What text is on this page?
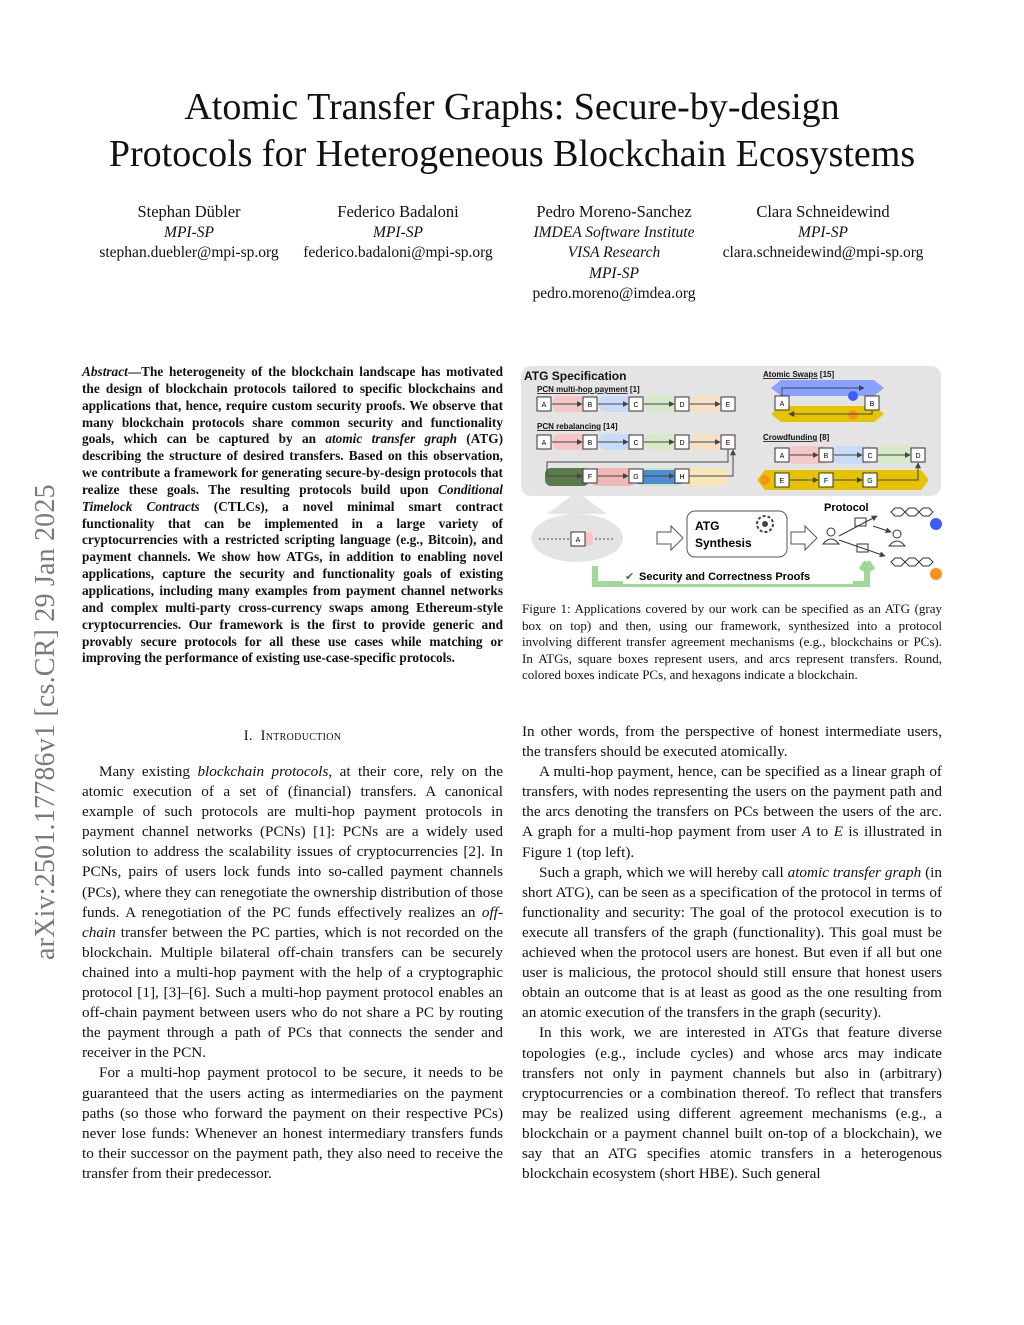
arXiv:2501.17786v1 [cs.CR] 29 Jan 2025
Atomic Transfer Graphs: Secure-by-design
Protocols for Heterogeneous Blockchain Ecosystems
Stephan Dübler
MPI-SP
stephan.duebler@mpi-sp.org
Federico Badaloni
MPI-SP
federico.badaloni@mpi-sp.org
Pedro Moreno-Sanchez
IMDEA Software Institute
VISA Research
MPI-SP
pedro.moreno@imdea.org
Clara Schneidewind
MPI-SP
clara.schneidewind@mpi-sp.org
Abstract—The heterogeneity of the blockchain landscape has motivated the design of blockchain protocols tailored to specific blockchains and applications that, hence, require custom security proofs. We observe that many blockchain protocols share common security and functionality goals, which can be captured by an atomic transfer graph (ATG) describing the structure of desired transfers. Based on this observation, we contribute a framework for generating secure-by-design protocols that realize these goals. The resulting protocols build upon Conditional Timelock Contracts (CTLCs), a novel minimal smart contract functionality that can be implemented in a large variety of cryptocurrencies with a restricted scripting language (e.g., Bitcoin), and payment channels. We show how ATGs, in addition to enabling novel applications, capture the security and functionality goals of existing applications, including many examples from payment channel networks and complex multi-party cross-currency swaps among Ethereum-style cryptocurrencies. Our framework is the first to provide generic and provably secure protocols for all these use cases while matching or improving the performance of existing use-case-specific protocols.
I. Introduction

Many existing blockchain protocols, at their core, rely on the atomic execution of a set of (financial) transfers. A canonical example of such protocols are multi-hop payment protocols in payment channel networks (PCNs) [1]: PCNs are a widely used solution to address the scalability issues of cryptocurrencies [2]. In PCNs, pairs of users lock funds into so-called payment channels (PCs), where they can renegotiate the ownership distribution of those funds. A renegotiation of the PC funds effectively realizes an off-chain transfer between the PC parties, which is not recorded on the blockchain. Multiple bilateral off-chain transfers can be securely chained into a multi-hop payment with the help of a cryptographic protocol [1], [3]–[6]. Such a multi-hop payment protocol enables an off-chain payment between users who do not share a PC by routing the payment through a path of PCs that connects the sender and receiver in the PCN.

For a multi-hop payment protocol to be secure, it needs to be guaranteed that the users acting as intermediaries on the payment paths (so those who forward the payment on their respective PCs) never lose funds: Whenever an honest intermediary transfers funds to their successor on the payment path, they also need to receive the transfer from their predecessor.

ATG Specification
PCN multi-hop payment [1]
A	B	C	D	E
PCN rebalancing [14]
A	B	C	D	E
F	G	H
Atomic Swaps [15]
A	B
Crowdfunding [8]
A	B	C	D
E	F	G
A
ATG
Synthesis
Protocol
✔ Security and Correctness Proofs
Figure 1: Applications covered by our work can be specified as an ATG (gray box on top) and then, using our framework, synthesized into a protocol involving different transfer agreement mechanisms (e.g., blockchains or PCs). In ATGs, square boxes represent users, and arcs represent transfers. Round, colored boxes indicate PCs, and hexagons indicate a blockchain.

In other words, from the perspective of honest intermediate users, the transfers should be executed atomically.

A multi-hop payment, hence, can be specified as a linear graph of transfers, with nodes representing the users on the payment path and the arcs denoting the transfers on PCs between the users of the arc. A graph for a multi-hop payment from user A to E is illustrated in Figure 1 (top left).

Such a graph, which we will hereby call atomic transfer graph (in short ATG), can be seen as a specification of the protocol in terms of functionality and security: The goal of the protocol execution is to execute all transfers of the graph (functionality). This goal must be achieved when the protocol users are honest. But even if all but one user is malicious, the protocol should still ensure that honest users obtain an outcome that is at least as good as the one resulting from an atomic execution of the transfers in the graph (security).

In this work, we are interested in ATGs that feature diverse topologies (e.g., include cycles) and whose arcs may indicate transfers not only in payment channels but also in (arbitrary) cryptocurrencies or a combination thereof. To reflect that transfers may be realized using different agreement mechanisms (e.g., a blockchain or a payment channel built on-top of a blockchain), we say that an ATG specifies atomic transfers in a heterogenous blockchain ecosystem (short HBE). Such general
